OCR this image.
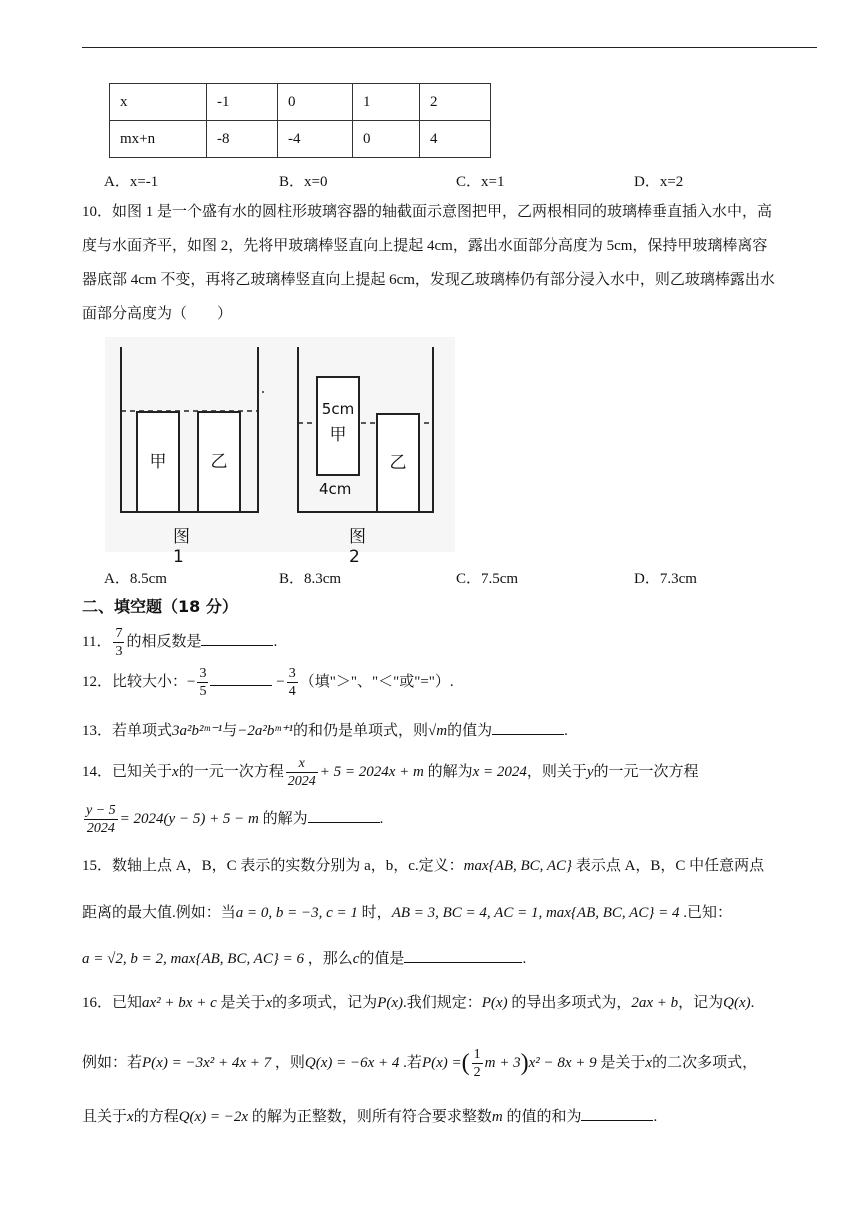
x	-1	0	1	2
mx+n	-8	-4	0	4
A．x=-1	B．x=0	C．x=1	D．x=2
10．如图 1 是一个盛有水的圆柱形玻璃容器的轴截面示意图把甲，乙两根相同的玻璃棒垂直插入水中，高
度与水面齐平，如图 2，先将甲玻璃棒竖直向上提起 4cm，露出水面部分高度为 5cm，保持甲玻璃棒离容
器底部 4cm 不变，再将乙玻璃棒竖直向上提起 6cm，发现乙玻璃棒仍有部分浸入水中，则乙玻璃棒露出水
面部分高度为（　　）
甲	乙
5cm
甲
乙
4cm
图1
图2
A．8.5cm	B．8.3cm	C．7.5cm	D．7.3cm
二、填空题（18 分）
11． $\frac{7}{3}$ 的相反数是	.
12．比较大小：− $\frac{3}{5}$	− $\frac{3}{4}$ （填"＞"、"＜"或"="）.
13．若单项式3a²b²ᵐ⁻¹与−2a²bᵐ⁺¹的和仍是单项式，则√m的值为	.
14．已知关于x的一元一次方程 $\frac{x}{2024} + 5 = 2024x + m$ 的解为x = 2024，则关于y的一元一次方程
$\frac{y - 5}{2024} = 2024(y - 5) + 5 - m$ 的解为	.
15．数轴上点 A，B，C 表示的实数分别为 a，b，c.定义：max{AB, BC, AC} 表示点 A，B，C 中任意两点
距离的最大值.例如：当a = 0, b = −3, c = 1 时，AB = 3, BC = 4, AC = 1, max{AB, BC, AC} = 4 .已知：
a = √2, b = 2, max{AB, BC, AC} = 6 ，那么c的值是	.
16．已知ax² + bx + c 是关于x的多项式，记为P(x).我们规定：P(x) 的导出多项式为，2ax + b，记为Q(x).
例如：若P(x) = −3x² + 4x + 7 ，则Q(x) = −6x + 4 .若P(x) =( $\frac{1}{2}$ m + 3)x² − 8x + 9 是关于x的二次多项式，
且关于x的方程Q(x) = −2x 的解为正整数，则所有符合要求整数m 的值的和为	.
